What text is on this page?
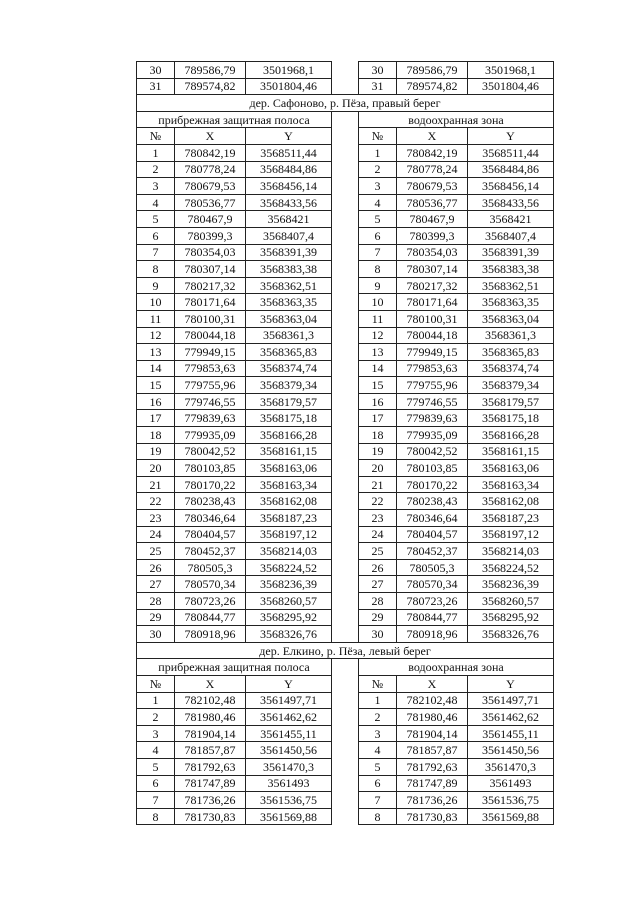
30	789586,79	3501968,1		30	789586,79	3501968,1
31	789574,82	3501804,46		31	789574,82	3501804,46
дер. Сафоново, р. Пёза, правый берег						
прибрежная защитная полоса				водоохранная зона		
№	X	Y		№	X	Y
1	780842,19	3568511,44		1	780842,19	3568511,44
2	780778,24	3568484,86		2	780778,24	3568484,86
3	780679,53	3568456,14		3	780679,53	3568456,14
4	780536,77	3568433,56		4	780536,77	3568433,56
5	780467,9	3568421		5	780467,9	3568421
6	780399,3	3568407,4		6	780399,3	3568407,4
7	780354,03	3568391,39		7	780354,03	3568391,39
8	780307,14	3568383,38		8	780307,14	3568383,38
9	780217,32	3568362,51		9	780217,32	3568362,51
10	780171,64	3568363,35		10	780171,64	3568363,35
11	780100,31	3568363,04		11	780100,31	3568363,04
12	780044,18	3568361,3		12	780044,18	3568361,3
13	779949,15	3568365,83		13	779949,15	3568365,83
14	779853,63	3568374,74		14	779853,63	3568374,74
15	779755,96	3568379,34		15	779755,96	3568379,34
16	779746,55	3568179,57		16	779746,55	3568179,57
17	779839,63	3568175,18		17	779839,63	3568175,18
18	779935,09	3568166,28		18	779935,09	3568166,28
19	780042,52	3568161,15		19	780042,52	3568161,15
20	780103,85	3568163,06		20	780103,85	3568163,06
21	780170,22	3568163,34		21	780170,22	3568163,34
22	780238,43	3568162,08		22	780238,43	3568162,08
23	780346,64	3568187,23		23	780346,64	3568187,23
24	780404,57	3568197,12		24	780404,57	3568197,12
25	780452,37	3568214,03		25	780452,37	3568214,03
26	780505,3	3568224,52		26	780505,3	3568224,52
27	780570,34	3568236,39		27	780570,34	3568236,39
28	780723,26	3568260,57		28	780723,26	3568260,57
29	780844,77	3568295,92		29	780844,77	3568295,92
30	780918,96	3568326,76		30	780918,96	3568326,76
дер. Елкино, р. Пёза, левый берег						
прибрежная защитная полоса				водоохранная зона		
№	X	Y		№	X	Y
1	782102,48	3561497,71		1	782102,48	3561497,71
2	781980,46	3561462,62		2	781980,46	3561462,62
3	781904,14	3561455,11		3	781904,14	3561455,11
4	781857,87	3561450,56		4	781857,87	3561450,56
5	781792,63	3561470,3		5	781792,63	3561470,3
6	781747,89	3561493		6	781747,89	3561493
7	781736,26	3561536,75		7	781736,26	3561536,75
8	781730,83	3561569,88		8	781730,83	3561569,88
